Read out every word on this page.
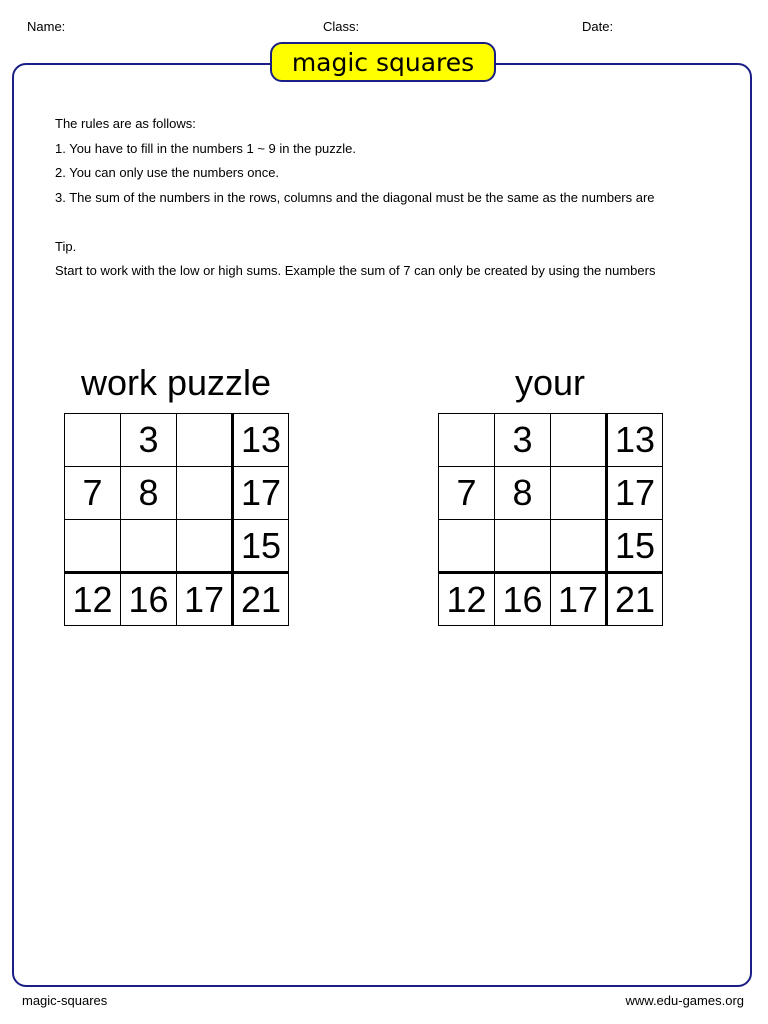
Name:	Class:	Date:
magic squares
The rules are as follows:
1. You have to fill in the numbers 1 ~ 9 in the puzzle.
2. You can only use the numbers once.
3. The sum of the numbers in the rows, columns and the diagonal must be the same as the numbers are
Tip.
Start to work with the low or high sums. Example the sum of 7 can only be created by using the numbers
work puzzle
	3		13
7	8		17
			15
12	16	17	21
your
	3		13
7	8		17
			15
12	16	17	21
magic-squares	www.edu-games.org
